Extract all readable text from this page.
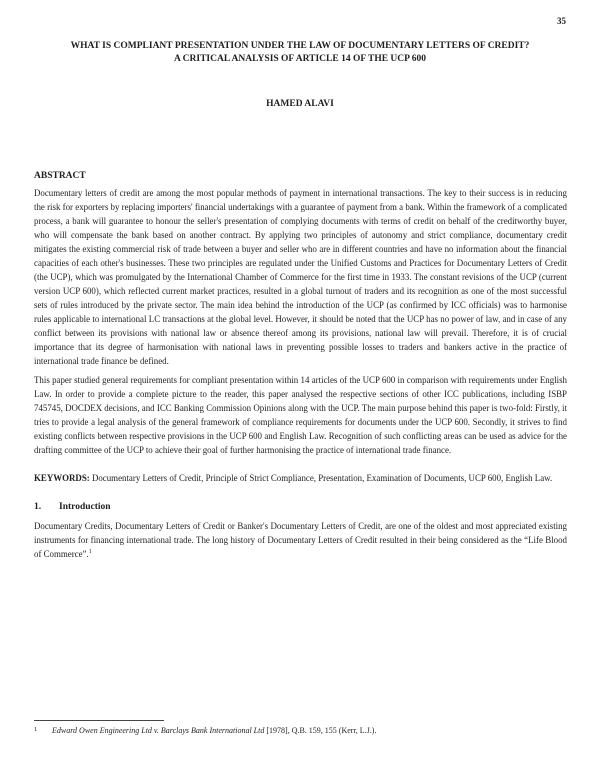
35
WHAT IS COMPLIANT PRESENTATION UNDER THE LAW OF DOCUMENTARY LETTERS OF CREDIT?
A CRITICAL ANALYSIS OF ARTICLE 14 OF THE UCP 600
HAMED ALAVI
ABSTRACT

Documentary letters of credit are among the most popular methods of payment in international transactions. The key to their success is in reducing the risk for exporters by replacing importers' financial undertakings with a guarantee of payment from a bank. Within the framework of a complicated process, a bank will guarantee to honour the seller's presentation of complying documents with terms of credit on behalf of the creditworthy buyer, who will compensate the bank based on another contract. By applying two principles of autonomy and strict compliance, documentary credit mitigates the existing commercial risk of trade between a buyer and seller who are in different countries and have no information about the financial capacities of each other's businesses. These two principles are regulated under the Unified Customs and Practices for Documentary Letters of Credit (the UCP), which was promulgated by the International Chamber of Commerce for the first time in 1933. The constant revisions of the UCP (current version UCP 600), which reflected current market practices, resulted in a global turnout of traders and its recognition as one of the most successful sets of rules introduced by the private sector. The main idea behind the introduction of the UCP (as confirmed by ICC officials) was to harmonise rules applicable to international LC transactions at the global level. However, it should be noted that the UCP has no power of law, and in case of any conflict between its provisions with national law or absence thereof among its provisions, national law will prevail. Therefore, it is of crucial importance that its degree of harmonisation with national laws in preventing possible losses to traders and bankers active in the practice of international trade finance be defined.

This paper studied general requirements for compliant presentation within 14 articles of the UCP 600 in comparison with requirements under English Law. In order to provide a complete picture to the reader, this paper analysed the respective sections of other ICC publications, including ISBP 745745, DOCDEX decisions, and ICC Banking Commission Opinions along with the UCP. The main purpose behind this paper is two-fold: Firstly, it tries to provide a legal analysis of the general framework of compliance requirements for documents under the UCP 600. Secondly, it strives to find existing conflicts between respective provisions in the UCP 600 and English Law. Recognition of such conflicting areas can be used as advice for the drafting committee of the UCP to achieve their goal of further harmonising the practice of international trade finance.

KEYWORDS: Documentary Letters of Credit, Principle of Strict Compliance, Presentation, Examination of Documents, UCP 600, English Law.

1.	Introduction

Documentary Credits, Documentary Letters of Credit or Banker's Documentary Letters of Credit, are one of the oldest and most appreciated existing instruments for financing international trade. The long history of Documentary Letters of Credit resulted in their being considered as the “Life Blood of Commerce”.$^1$

1	Edward Owen Engineering Ltd v. Barclays Bank International Ltd [1978], Q.B. 159, 155 (Kerr, L.J.).
